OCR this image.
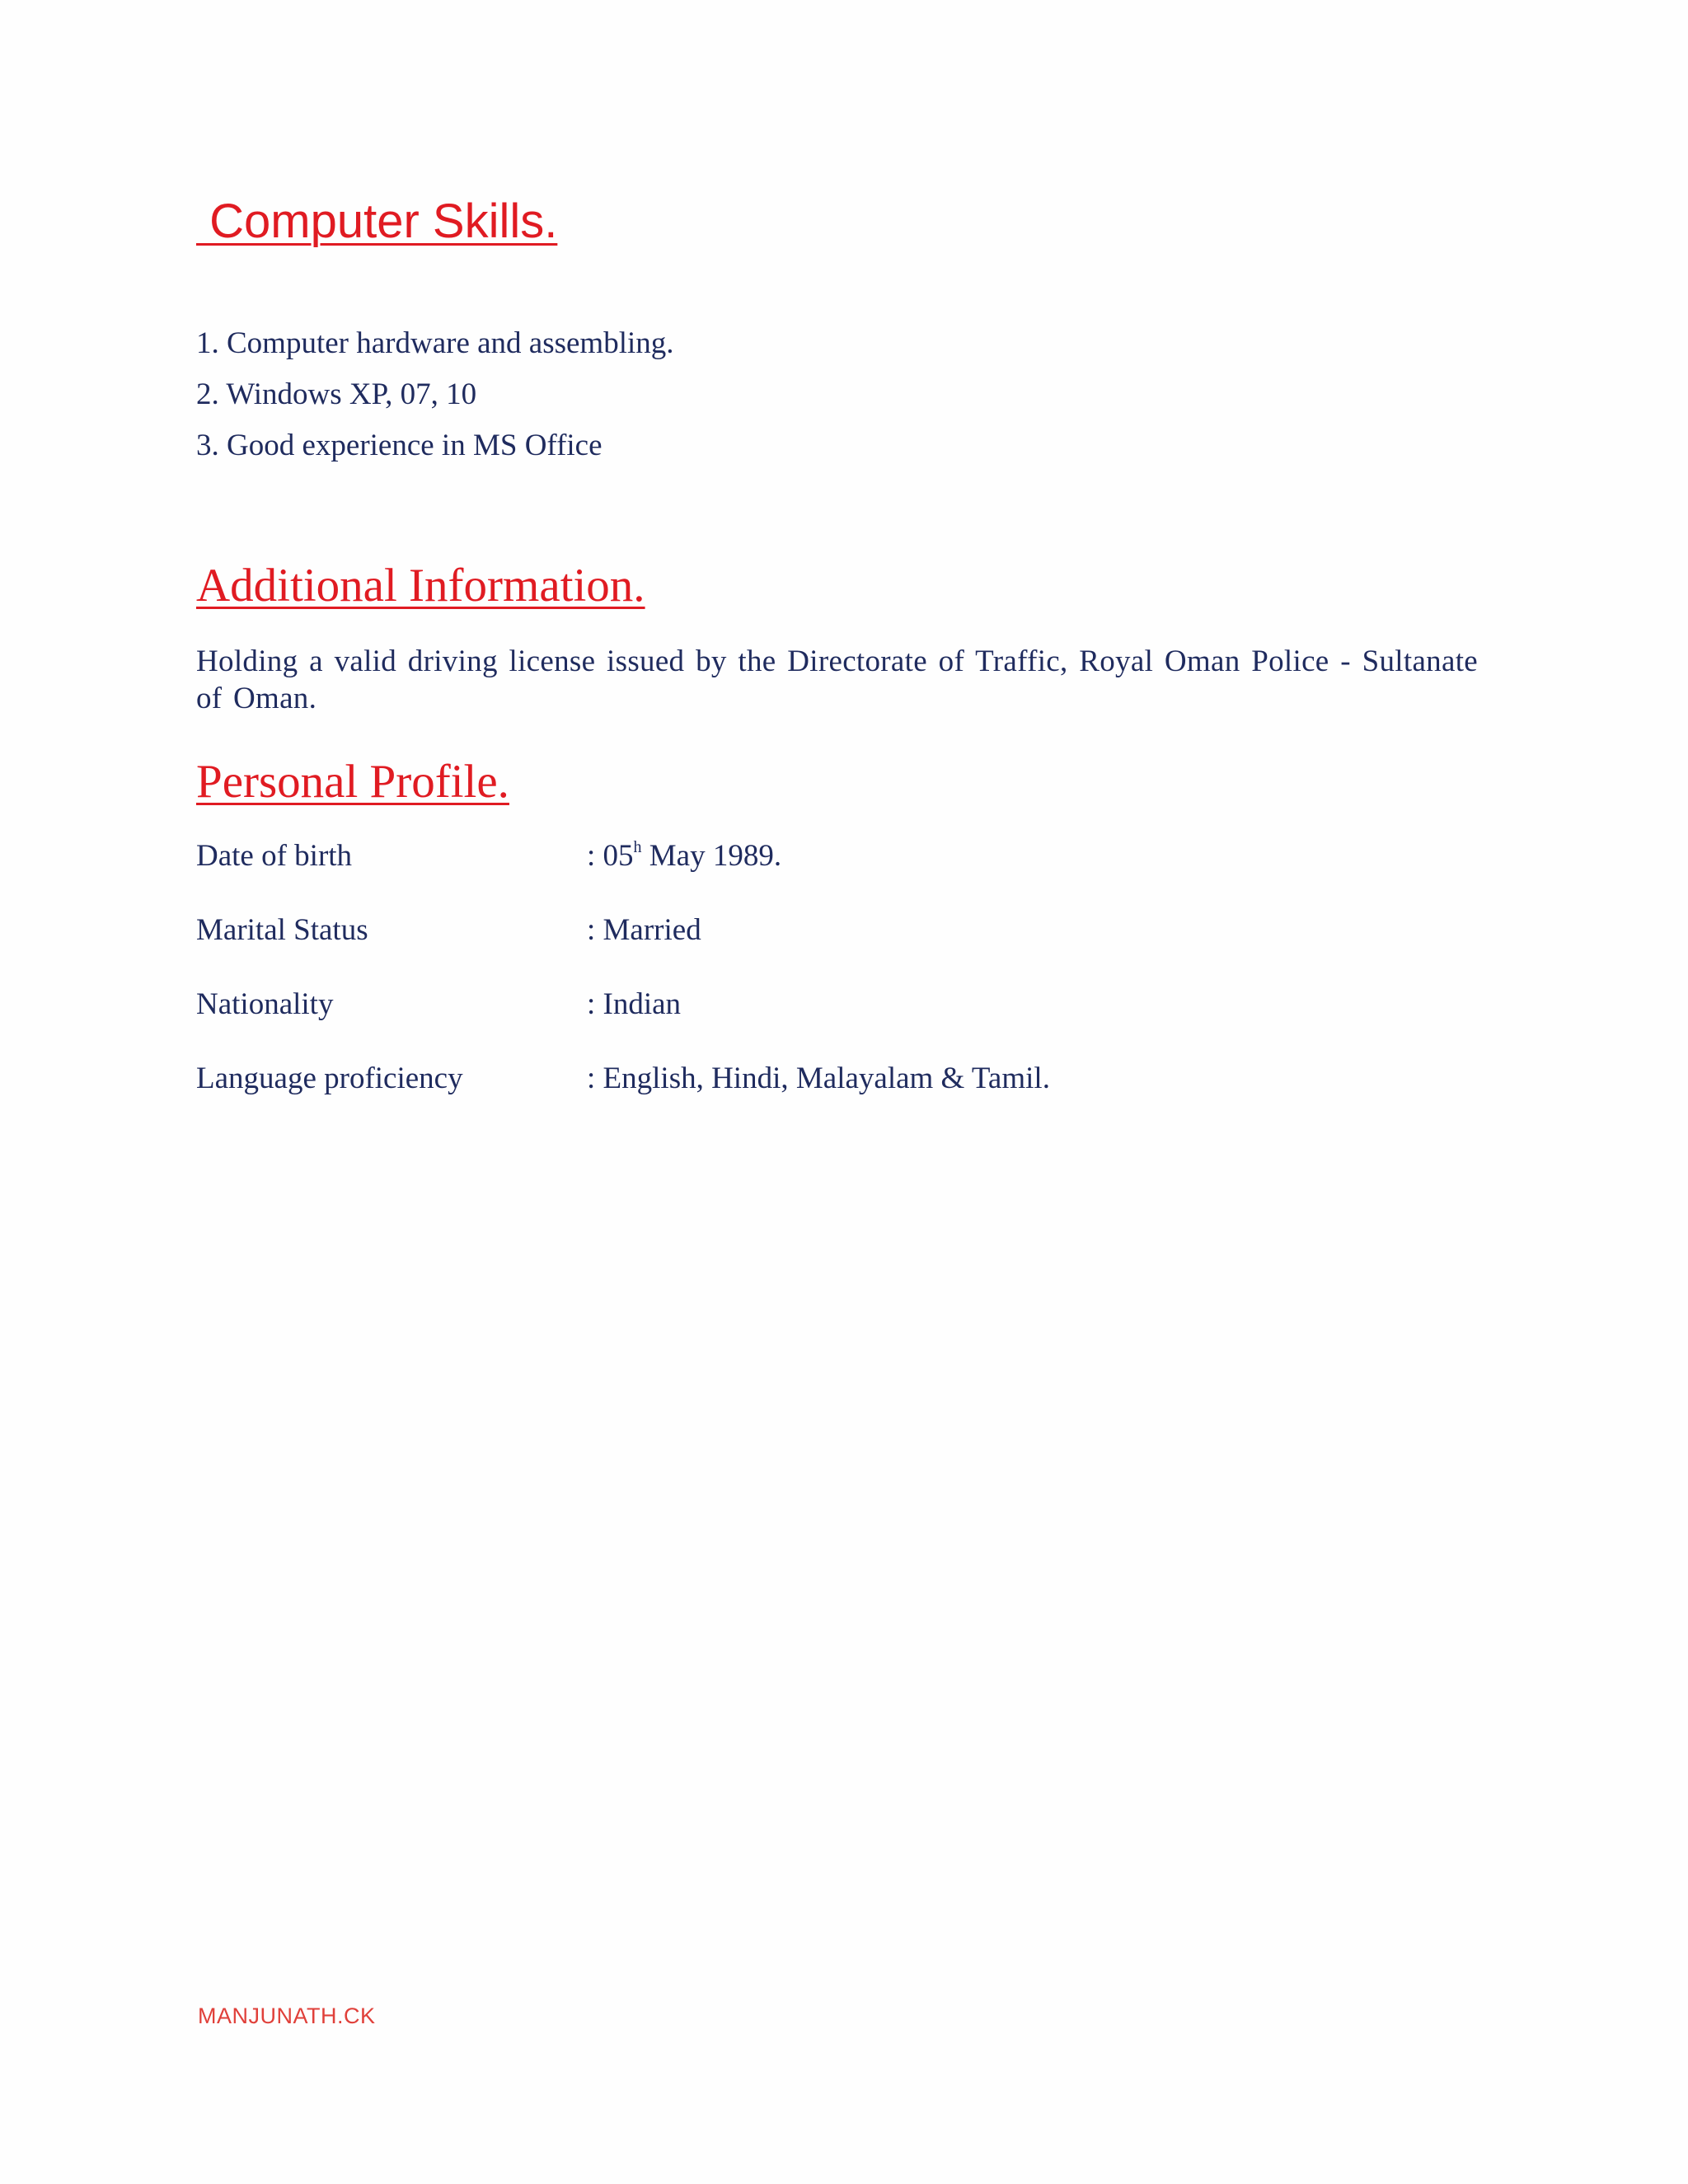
Computer Skills.
1. Computer hardware and assembling.
2. Windows XP, 07, 10
3. Good experience in MS Office
Additional Information.
Holding a valid driving license issued by the Directorate of Traffic, Royal Oman Police - Sultanate of Oman.
Personal Profile.
Date of birth	: 05$^h$ May 1989.
Marital Status	: Married
Nationality	: Indian
Language proficiency	: English, Hindi, Malayalam & Tamil.
MANJUNATH.CK
